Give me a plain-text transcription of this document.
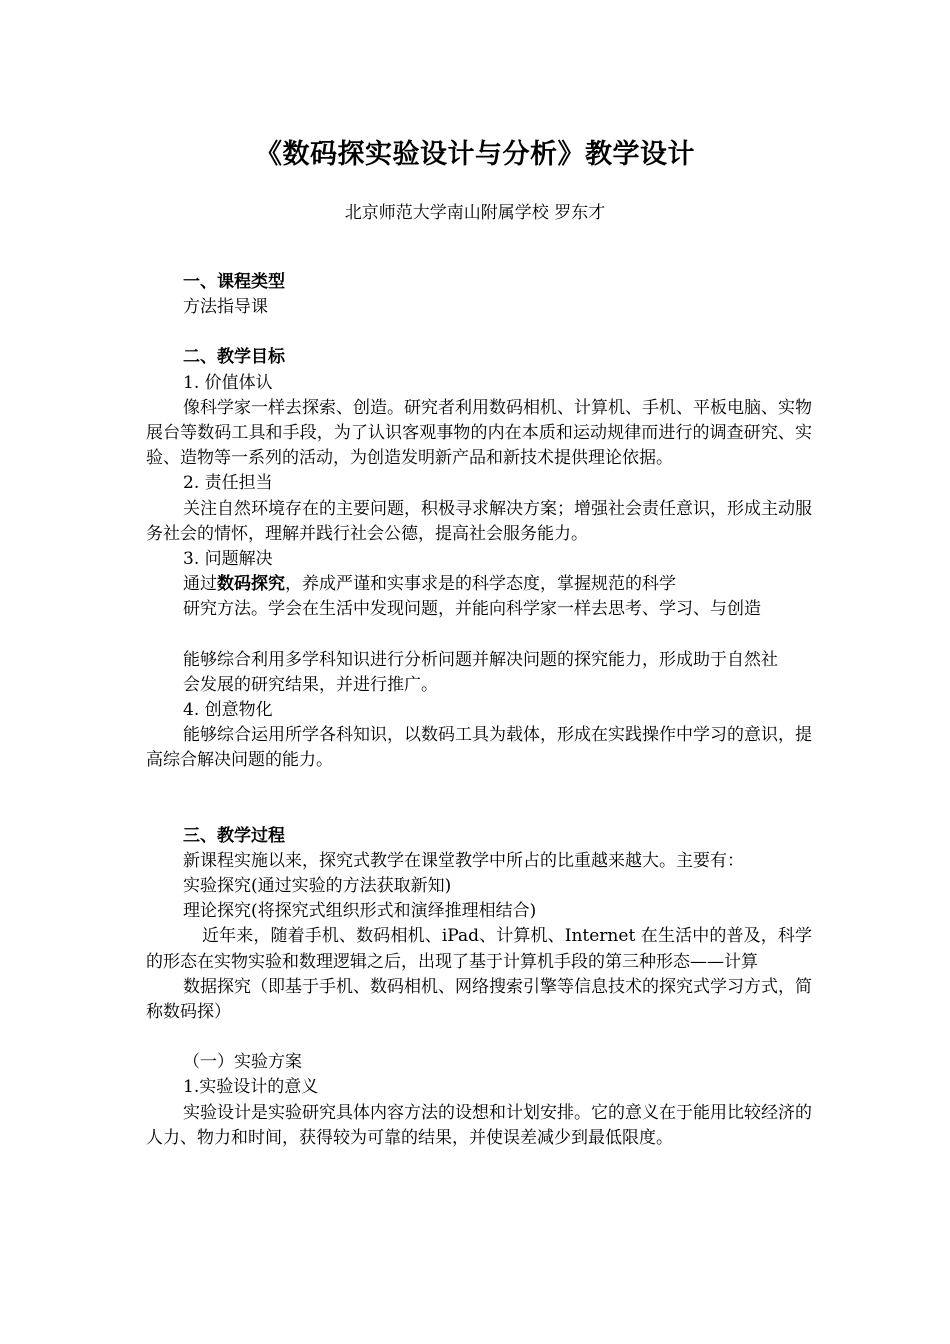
《数码探实验设计与分析》教学设计
北京师范大学南山附属学校 罗东才

一、课程类型

方法指导课

二、教学目标

1. 价值体认

像科学家一样去探索、创造。研究者利用数码相机、计算机、手机、平板电脑、实物展台等数码工具和手段，为了认识客观事物的内在本质和运动规律而进行的调查研究、实验、造物等一系列的活动，为创造发明新产品和新技术提供理论依据。

2. 责任担当

关注自然环境存在的主要问题，积极寻求解决方案；增强社会责任意识，形成主动服务社会的情怀，理解并践行社会公德，提高社会服务能力。

3. 问题解决

通过数码探究，养成严谨和实事求是的科学态度，掌握规范的科学

研究方法。学会在生活中发现问题，并能向科学家一样去思考、学习、与创造

能够综合利用多学科知识进行分析问题并解决问题的探究能力，形成助于自然社

会发展的研究结果，并进行推广。

4. 创意物化

能够综合运用所学各科知识，以数码工具为载体，形成在实践操作中学习的意识，提高综合解决问题的能力。

三、教学过程

新课程实施以来，探究式教学在课堂教学中所占的比重越来越大。主要有：

实验探究(通过实验的方法获取新知)

理论探究(将探究式组织形式和演绎推理相结合)

近年来，随着手机、数码相机、iPad、计算机、Internet 在生活中的普及，科学的形态在实物实验和数理逻辑之后，出现了基于计算机手段的第三种形态——计算

数据探究（即基于手机、数码相机、网络搜索引擎等信息技术的探究式学习方式，简称数码探）

（一）实验方案

1.实验设计的意义

实验设计是实验研究具体内容方法的设想和计划安排。它的意义在于能用比较经济的人力、物力和时间，获得较为可靠的结果，并使误差减少到最低限度。
